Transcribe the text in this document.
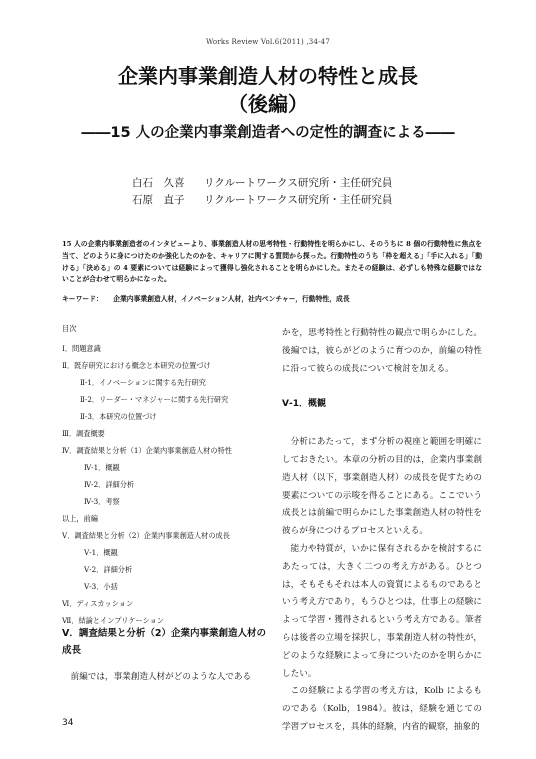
Works Review Vol.6(2011) ,34-47
企業内事業創造人材の特性と成長
（後編）
――15 人の企業内事業創造者への定性的調査による――
白石　久喜	リクルートワークス研究所・主任研究員
石原　直子	リクルートワークス研究所・主任研究員
15 人の企業内事業創造者のインタビューより、事業創造人材の思考特性・行動特性を明らかにし、そのうちに 8 個の行動特性に焦点を当て、どのように身につけたのか強化したのかを、キャリアに関する質問から探った。行動特性のうち「枠を超える」「手に入れる」「動ける」「決める」の 4 要素については経験によって獲得し強化されることを明らかにした。またその経験は、必ずしも特殊な経験ではないことが合わせて明らかになった。
キーワード： 企業内事業創造人材，イノベーション人材，社内ベンチャー，行動特性，成長
目次
Ⅰ．問題意識
Ⅱ．既存研究における概念と本研究の位置づけ
Ⅱ-1．イノベーションに関する先行研究
Ⅱ-2．リーダー・マネジャーに関する先行研究
Ⅱ-3．本研究の位置づけ
Ⅲ．調査概要
Ⅳ．調査結果と分析（1）企業内事業創造人材の特性
Ⅳ-1．概観
Ⅳ-2．詳細分析
Ⅳ-3．考察
以上，前編
Ⅴ．調査結果と分析（2）企業内事業創造人材の成長
Ⅴ-1．概観
Ⅴ-2．詳細分析
Ⅴ-3．小括
Ⅵ．ディスカッション
Ⅶ．結論とインプリケーション
Ⅴ．調査結果と分析（2）企業内事業創造人材の成長
前編では，事業創造人材がどのような人である

かを，思考特性と行動特性の観点で明らかにした。後編では，彼らがどのように育つのか，前編の特性に沿って彼らの成長について検討を加える。

Ⅴ-1．概観

分析にあたって，まず分析の視座と範囲を明確にしておきたい。本章の分析の目的は，企業内事業創造人材（以下，事業創造人材）の成長を促すための要素についての示唆を得ることにある。ここでいう成長とは前編で明らかにした事業創造人材の特性を彼らが身につけるプロセスといえる。

能力や特質が，いかに保有されるかを検討するにあたっては，大きく二つの考え方がある。ひとつは，そもそもそれは本人の資質によるものであるという考え方であり，もうひとつは，仕事上の経験によって学習・獲得されるという考え方である。筆者らは後者の立場を採択し，事業創造人材の特性が，どのような経験によって身についたのかを明らかにしたい。

この経験による学習の考え方は，Kolb によるものである（Kolb，1984）。彼は，経験を通じての学習プロセスを，具体的経験，内省的観察，抽象的

34
